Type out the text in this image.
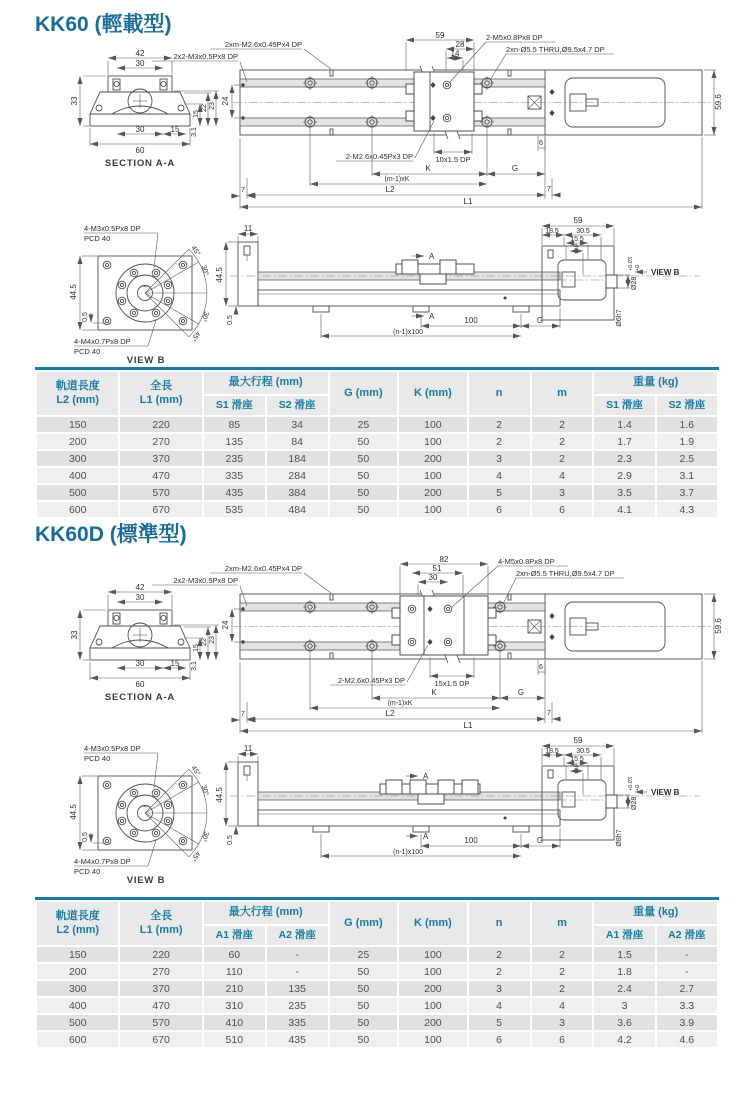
KK60 (輕載型)
42
30
33
15
22 23
30	15 3.1
60
SECTION A-A
2x2-M3x0.5Px8 DP
2xm-M2.6x0.45Px4 DP
59
28
14
2-M5x0.8Px8 DP
2xn-Ø5.5 THRU,Ø9.5x4.7 DP
24	59.6
2-M2.6x0.45Px3 DP	10x1.5 DP
6
7
K	G
(m-1)xK
L2	7
L1
4-M3x0.5Px8 DP
PCD 40
45°
30°
30°
45°
44.5
0.5
4-M4x0.7Px8 DP
PCD 40
VIEW B
11
A
A	100	G
(n-1)x100
44.5
0.5
59
18.5 30.5
15.5
9
Ø28
+0.03 +0
Ø6h7
VIEW B
軌道長度
L2 (mm)	全長
L1 (mm)	最大行程 (mm)		G (mm)	K (mm)	n	m	重量 (kg)	
		S1 滑座	S2 滑座					S1 滑座	S2 滑座
150	220	85	34	25	100	2	2	1.4	1.6
200	270	135	84	50	100	2	2	1.7	1.9
300	370	235	184	50	200	3	2	2.3	2.5
400	470	335	284	50	100	4	4	2.9	3.1
500	570	435	384	50	200	5	3	3.5	3.7
600	670	535	484	50	100	6	6	4.1	4.3
KK60D (標準型)
42
30
33
15
22 23
30	15 3.1
60
SECTION A-A
2x2-M3x0.5Px8 DP
2xm-M2.6x0.45Px4 DP
82
51
30
4-M5x0.8Px8 DP
2xn-Ø5.5 THRU,Ø9.5x4.7 DP
24	59.6
2-M2.6x0.45Px3 DP	15x1.5 DP
6
7
K	G
(m-1)xK
L2	7
L1
4-M3x0.5Px8 DP
PCD 40
45°
30°
30°
45°
44.5
0.5
4-M4x0.7Px8 DP
PCD 40
VIEW B
11
A
A	100	G
(n-1)x100
44.5
0.5
59
18.5 30.5
15.5
9
Ø28
+0.03 +0
Ø8h7
VIEW B
軌道長度
L2 (mm)	全長
L1 (mm)	最大行程 (mm)		G (mm)	K (mm)	n	m	重量 (kg)	
		A1 滑座	A2 滑座					A1 滑座	A2 滑座
150	220	60	-	25	100	2	2	1.5	-
200	270	110	-	50	100	2	2	1.8	-
300	370	210	135	50	200	3	2	2.4	2.7
400	470	310	235	50	100	4	4	3	3.3
500	570	410	335	50	200	5	3	3.6	3.9
600	670	510	435	50	100	6	6	4.2	4.6
